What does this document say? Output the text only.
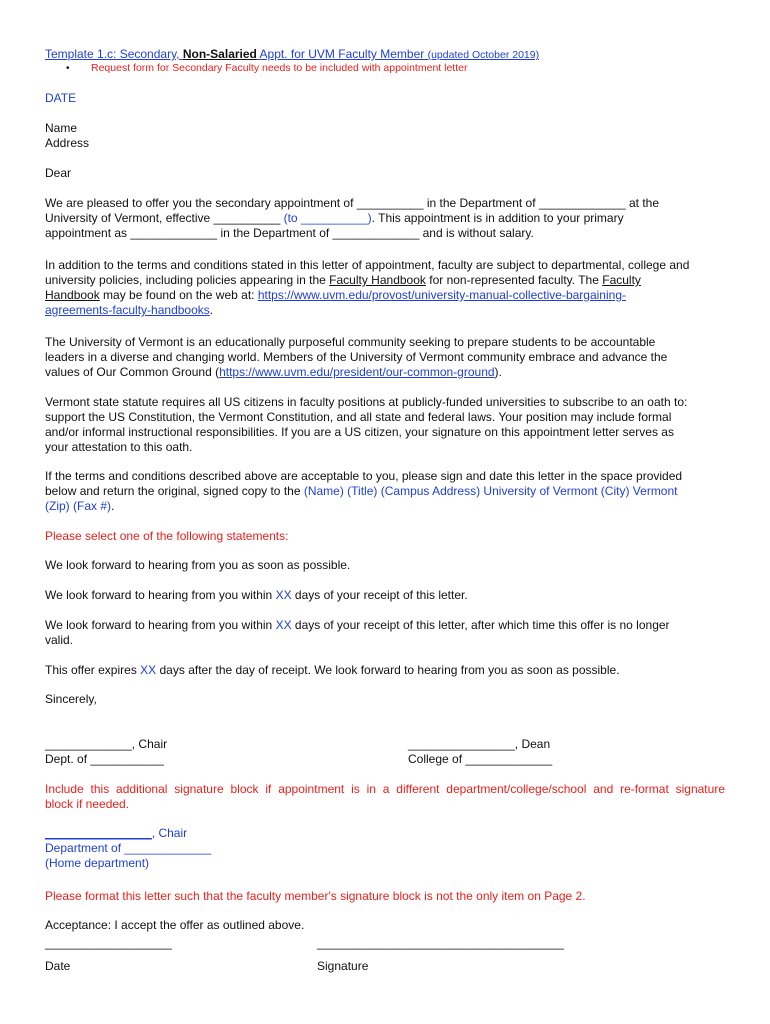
Template 1.c: Secondary, Non-Salaried Appt. for UVM Faculty Member (updated October 2019)
• Request form for Secondary Faculty needs to be included with appointment letter
DATE
Name
Address
Dear
We are pleased to offer you the secondary appointment of __________ in the Department of _____________ at the
University of Vermont, effective __________ (to __________). This appointment is in addition to your primary
appointment as _____________ in the Department of _____________ and is without salary.
In addition to the terms and conditions stated in this letter of appointment, faculty are subject to departmental, college and
university policies, including policies appearing in the Faculty Handbook for non-represented faculty. The Faculty
Handbook may be found on the web at: https://www.uvm.edu/provost/university-manual-collective-bargaining-
agreements-faculty-handbooks.
The University of Vermont is an educationally purposeful community seeking to prepare students to be accountable
leaders in a diverse and changing world. Members of the University of Vermont community embrace and advance the
values of Our Common Ground (https://www.uvm.edu/president/our-common-ground).
Vermont state statute requires all US citizens in faculty positions at publicly-funded universities to subscribe to an oath to:
support the US Constitution, the Vermont Constitution, and all state and federal laws. Your position may include formal
and/or informal instructional responsibilities. If you are a US citizen, your signature on this appointment letter serves as
your attestation to this oath.
If the terms and conditions described above are acceptable to you, please sign and date this letter in the space provided
below and return the original, signed copy to the (Name) (Title) (Campus Address) University of Vermont (City) Vermont
(Zip) (Fax #).
Please select one of the following statements:
We look forward to hearing from you as soon as possible.
We look forward to hearing from you within XX days of your receipt of this letter.
We look forward to hearing from you within XX days of your receipt of this letter, after which time this offer is no longer
valid.
This offer expires XX days after the day of receipt. We look forward to hearing from you as soon as possible.
Sincerely,
_____________, Chair
Dept. of ___________
________________, Dean
College of _____________
Include this additional signature block if appointment is in a different department/college/school and re-format signature
block if needed.
________________, Chair
Department of _____________
(Home department)
Please format this letter such that the faculty member's signature block is not the only item on Page 2.
Acceptance: I accept the offer as outlined above.
___________________	_____________________________________
Date	Signature
